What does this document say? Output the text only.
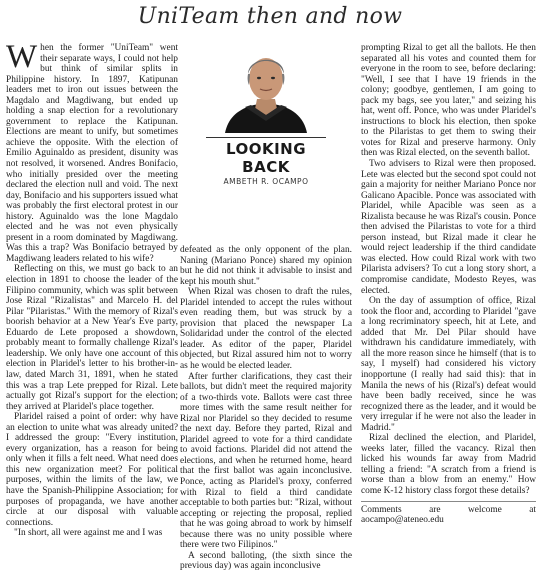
UniTeam then and now

When the former "UniTeam" went their separate ways, I could not help but think of similar splits in Philippine history. In 1897, Katipunan leaders met to iron out issues between the Magdalo and Magdiwang, but ended up holding a snap election for a revolutionary government to replace the Katipunan. Elections are meant to unify, but sometimes achieve the opposite. With the election of Emilio Aguinaldo as president, disunity was not resolved, it worsened. Andres Bonifacio, who initially presided over the meeting declared the election null and void. The next day, Bonifacio and his supporters issued what was probably the first electoral protest in our history. Aguinaldo was the lone Magdalo elected and he was not even physically present in a room dominated by Magdiwang. Was this a trap? Was Bonifacio betrayed by Magdiwang leaders related to his wife?

Reflecting on this, we must go back to an election in 1891 to choose the leader of the Filipino community, which was split between Jose Rizal "Rizalistas" and Marcelo H. del Pilar "Pilaristas." With the memory of Rizal's boorish behavior at a New Year's Eve party, Eduardo de Lete proposed a showdown, probably meant to formally challenge Rizal's leadership. We only have one account of this election in Plaridel's letter to his brother-in-law, dated March 31, 1891, when he stated this was a trap Lete prepped for Rizal. Lete actually got Rizal's support for the election; they arrived at Plaridel's place together.

Plaridel raised a point of order: why have an election to unite what was already united? I addressed the group: "Every institution, every organization, has a reason for being only when it fills a felt need. What need does this new organization meet? For political purposes, within the limits of the law, we have the Spanish-Philippine Association; for purposes of propaganda, we have another circle at our disposal with valuable connections.

"In short, all were against me and I was

LOOKING BACK
AMBETH R. OCAMPO

defeated as the only opponent of the plan. Naning (Mariano Ponce) shared my opinion but he did not think it advisable to insist and kept his mouth shut."

When Rizal was chosen to draft the rules, Plaridel intended to accept the rules without even reading them, but was struck by a provision that placed the newspaper La Solidaridad under the control of the elected leader. As editor of the paper, Plaridel objected, but Rizal assured him not to worry as he would be elected leader.

After further clarifications, they cast their ballots, but didn't meet the required majority of a two-thirds vote. Ballots were cast three more times with the same result neither for Rizal nor Plaridel so they decided to resume the next day. Before they parted, Rizal and Plaridel agreed to vote for a third candidate to avoid factions. Plaridel did not attend the elections, and when he returned home, heard that the first ballot was again inconclusive. Ponce, acting as Plaridel's proxy, conferred with Rizal to field a third candidate acceptable to both parties but: "Rizal, without accepting or rejecting the proposal, replied that he was going abroad to work by himself because there was no unity possible where there were two Filipinos."

A second balloting, (the sixth since the previous day) was again inconclusive

prompting Rizal to get all the ballots. He then separated all his votes and counted them for everyone in the room to see, before declaring: "Well, I see that I have 19 friends in the colony; goodbye, gentlemen, I am going to pack my bags, see you later," and seizing his hat, went off. Ponce, who was under Plaridel's instructions to block his election, then spoke to the Pilaristas to get them to swing their votes for Rizal and preserve harmony. Only then was Rizal elected, on the seventh ballot.

Two advisers to Rizal were then proposed. Lete was elected but the second spot could not gain a majority for neither Mariano Ponce nor Galicano Apacible. Ponce was associated with Plaridel, while Apacible was seen as a Rizalista because he was Rizal's cousin. Ponce then advised the Pilaristas to vote for a third person instead, but Rizal made it clear he would reject leadership if the third candidate was elected. How could Rizal work with two Pilarista advisers? To cut a long story short, a compromise candidate, Modesto Reyes, was elected.

On the day of assumption of office, Rizal took the floor and, according to Plaridel "gave a long recriminatory speech, hit at Lete, and added that Mr. Del Pilar should have withdrawn his candidature immediately, with all the more reason since he himself (that is to say, I myself) had considered his victory inopportune (I really had said this): that in Manila the news of his (Rizal's) defeat would have been badly received, since he was recognized there as the leader, and it would be very irregular if he were not also the leader in Madrid."

Rizal declined the election, and Plaridel, weeks later, filled the vacancy. Rizal then licked his wounds far away from Madrid telling a friend: "A scratch from a friend is worse than a blow from an enemy." How come K-12 history class forgot these details?

Comments are welcome at aocampo@ateneo.edu
